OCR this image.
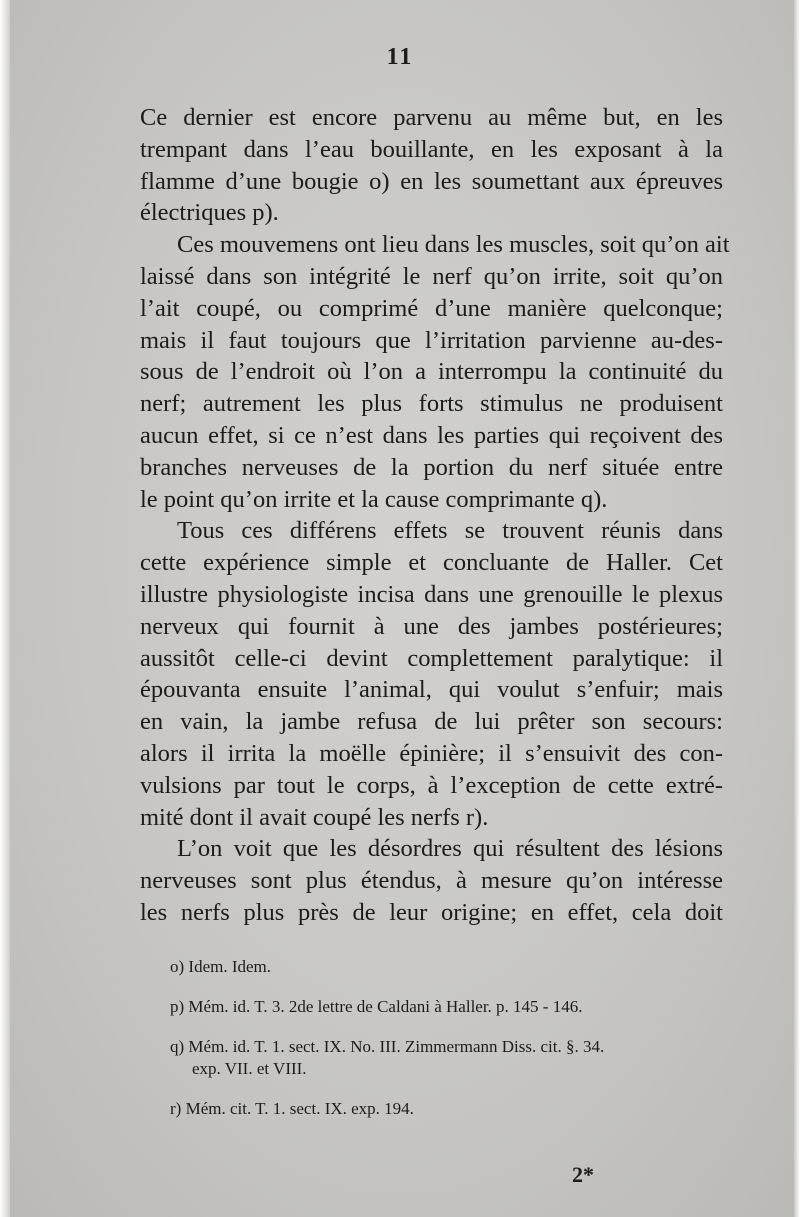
11
Ce dernier est encore parvenu au même but, en les
trempant dans l’eau bouillante, en les exposant à la
flamme d’une bougie o) en les soumettant aux épreuves
électriques p).
Ces mouvemens ont lieu dans les muscles, soit qu’on ait
laissé dans son intégrité le nerf qu’on irrite, soit qu’on
l’ait coupé, ou comprimé d’une manière quelconque;
mais il faut toujours que l’irritation parvienne au-des-
sous de l’endroit où l’on a interrompu la continuité du
nerf; autrement les plus forts stimulus ne produisent
aucun effet, si ce n’est dans les parties qui reçoivent des
branches nerveuses de la portion du nerf située entre
le point qu’on irrite et la cause comprimante q).
Tous ces différens effets se trouvent réunis dans
cette expérience simple et concluante de Haller. Cet
illustre physiologiste incisa dans une grenouille le plexus
nerveux qui fournit à une des jambes postérieures;
aussitôt celle-ci devint complettement paralytique: il
épouvanta ensuite l’animal, qui voulut s’enfuir; mais
en vain, la jambe refusa de lui prêter son secours:
alors il irrita la moëlle épinière; il s’ensuivit des con-
vulsions par tout le corps, à l’exception de cette extré-
mité dont il avait coupé les nerfs r).
L’on voit que les désordres qui résultent des lésions
nerveuses sont plus étendus, à mesure qu’on intéresse
les nerfs plus près de leur origine; en effet, cela doit
o) Idem. Idem.
p) Mém. id. T. 3. 2de lettre de Caldani à Haller. p. 145 - 146.
q) Mém. id. T. 1. sect. IX. No. III. Zimmermann Diss. cit. §. 34.
exp. VII. et VIII.
r) Mém. cit. T. 1. sect. IX. exp. 194.
2*
